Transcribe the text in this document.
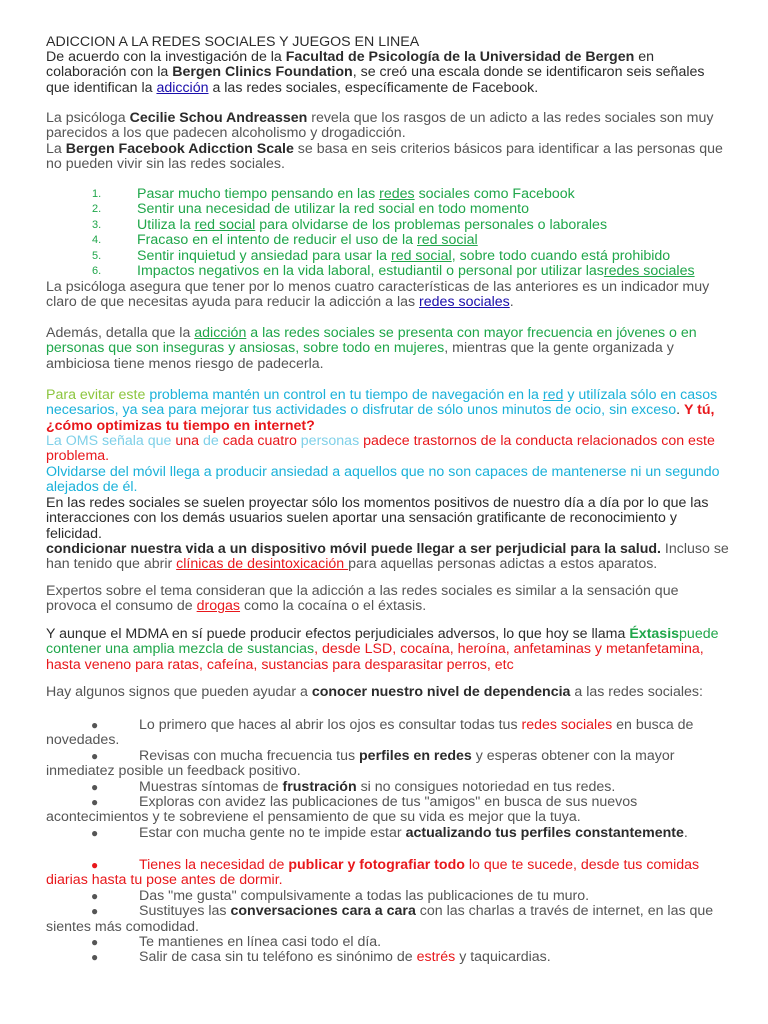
ADICCION A LA REDES SOCIALES Y JUEGOS EN LINEA

De acuerdo con la investigación de la Facultad de Psicología de la Universidad de Bergen en colaboración con la Bergen Clinics Foundation, se creó una escala donde se identificaron seis señales que identifican la adicción a las redes sociales, específicamente de Facebook.

La psicóloga Cecilie Schou Andreassen revela que los rasgos de un adicto a las redes sociales son muy parecidos a los que padecen alcoholismo y drogadicción.

La Bergen Facebook Adicction Scale se basa en seis criterios básicos para identificar a las personas que no pueden vivir sin las redes sociales.

1.	Pasar mucho tiempo pensando en las redes sociales como Facebook
2.	Sentir una necesidad de utilizar la red social en todo momento
3.	Utiliza la red social para olvidarse de los problemas personales o laborales
4.	Fracaso en el intento de reducir el uso de la red social
5.	Sentir inquietud y ansiedad para usar la red social, sobre todo cuando está prohibido
6.	Impactos negativos en la vida laboral, estudiantil o personal por utilizar lasredes sociales

La psicóloga asegura que tener por lo menos cuatro características de las anteriores es un indicador muy claro de que necesitas ayuda para reducir la adicción a las redes sociales.

Además, detalla que la adicción a las redes sociales se presenta con mayor frecuencia en jóvenes o en personas que son inseguras y ansiosas, sobre todo en mujeres, mientras que la gente organizada y ambiciosa tiene menos riesgo de padecerla.

Para evitar este problema mantén un control en tu tiempo de navegación en la red y utilízala sólo en casos necesarios, ya sea para mejorar tus actividades o disfrutar de sólo unos minutos de ocio, sin exceso. Y tú, ¿cómo optimizas tu tiempo en internet?

La OMS señala que una de cada cuatro personas padece trastornos de la conducta relacionados con este problema.

Olvidarse del móvil llega a producir ansiedad a aquellos que no son capaces de mantenerse ni un segundo alejados de él.

En las redes sociales se suelen proyectar sólo los momentos positivos de nuestro día a día por lo que las interacciones con los demás usuarios suelen aportar una sensación gratificante de reconocimiento y felicidad.

condicionar nuestra vida a un dispositivo móvil puede llegar a ser perjudicial para la salud. Incluso se han tenido que abrir clínicas de desintoxicación para aquellas personas adictas a estos aparatos.

Expertos sobre el tema consideran que la adicción a las redes sociales es similar a la sensación que provoca el consumo de drogas como la cocaína o el éxtasis.

Y aunque el MDMA en sí puede producir efectos perjudiciales adversos, lo que hoy se llama Éxtasispuede contener una amplia mezcla de sustancias, desde LSD, cocaína, heroína, anfetaminas y metanfetamina, hasta veneno para ratas, cafeína, sustancias para desparasitar perros, etc

Hay algunos signos que pueden ayudar a conocer nuestro nivel de dependencia a las redes sociales:

●	Lo primero que haces al abrir los ojos es consultar todas tus redes sociales en busca de novedades.
●	Revisas con mucha frecuencia tus perfiles en redes y esperas obtener con la mayor inmediatez posible un feedback positivo.
●	Muestras síntomas de frustración si no consigues notoriedad en tus redes.
●	Exploras con avidez las publicaciones de tus "amigos" en busca de sus nuevos acontecimientos y te sobreviene el pensamiento de que su vida es mejor que la tuya.
●	Estar con mucha gente no te impide estar actualizando tus perfiles constantemente.
●	Tienes la necesidad de publicar y fotografiar todo lo que te sucede, desde tus comidas diarias hasta tu pose antes de dormir.
●	Das "me gusta" compulsivamente a todas las publicaciones de tu muro.
●	Sustituyes las conversaciones cara a cara con las charlas a través de internet, en las que sientes más comodidad.
●	Te mantienes en línea casi todo el día.
●	Salir de casa sin tu teléfono es sinónimo de estrés y taquicardias.
